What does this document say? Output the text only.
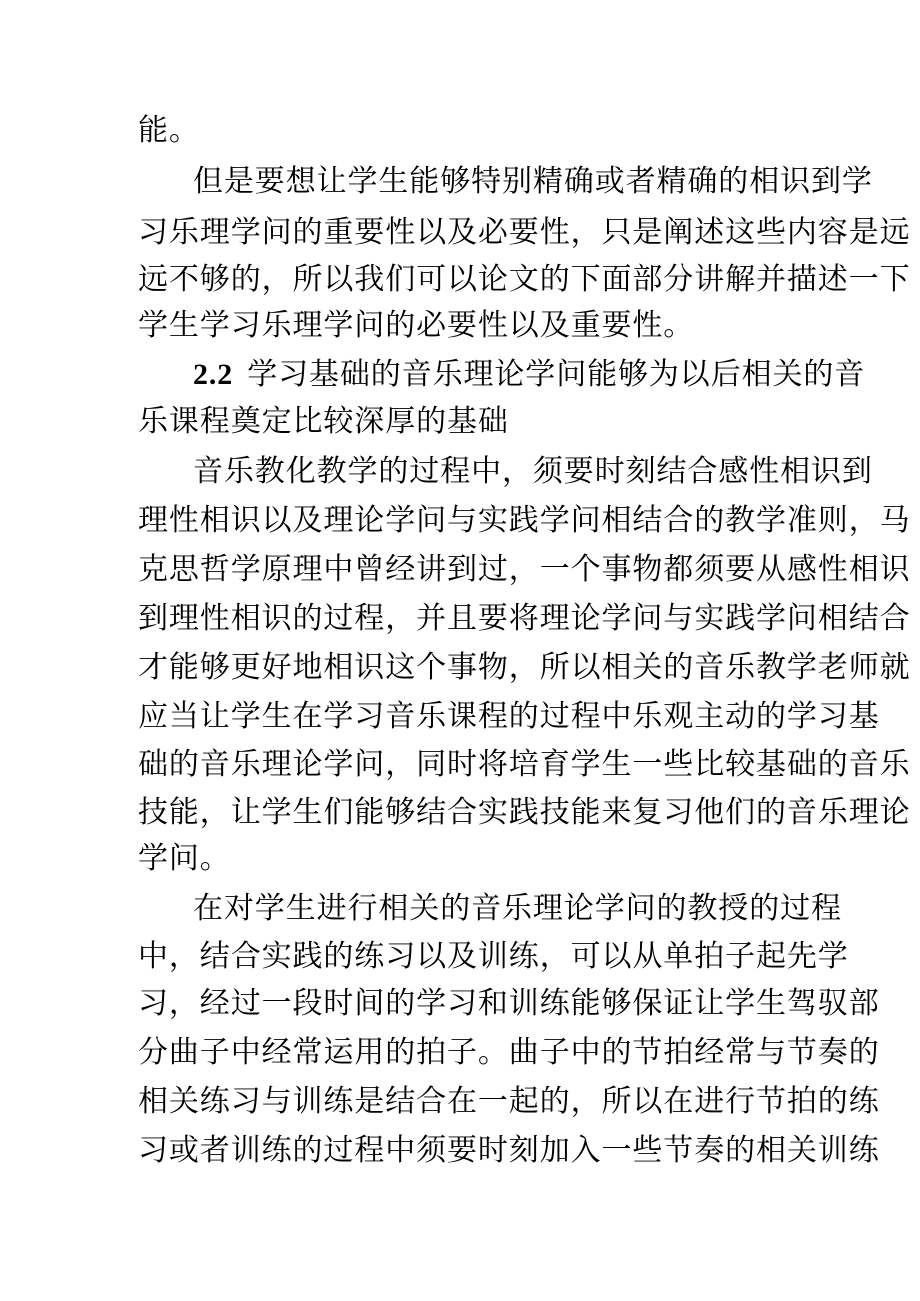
能。
但是要想让学生能够特别精确或者精确的相识到学
习乐理学问的重要性以及必要性，只是阐述这些内容是远
远不够的，所以我们可以论文的下面部分讲解并描述一下
学生学习乐理学问的必要性以及重要性。
2.2 学习基础的音乐理论学问能够为以后相关的音
乐课程奠定比较深厚的基础
音乐教化教学的过程中，须要时刻结合感性相识到
理性相识以及理论学问与实践学问相结合的教学准则，马
克思哲学原理中曾经讲到过，一个事物都须要从感性相识
到理性相识的过程，并且要将理论学问与实践学问相结合
才能够更好地相识这个事物，所以相关的音乐教学老师就
应当让学生在学习音乐课程的过程中乐观主动的学习基
础的音乐理论学问，同时将培育学生一些比较基础的音乐
技能，让学生们能够结合实践技能来复习他们的音乐理论
学问。
在对学生进行相关的音乐理论学问的教授的过程
中，结合实践的练习以及训练，可以从单拍子起先学
习，经过一段时间的学习和训练能够保证让学生驾驭部
分曲子中经常运用的拍子。曲子中的节拍经常与节奏的
相关练习与训练是结合在一起的，所以在进行节拍的练
习或者训练的过程中须要时刻加入一些节奏的相关训练
